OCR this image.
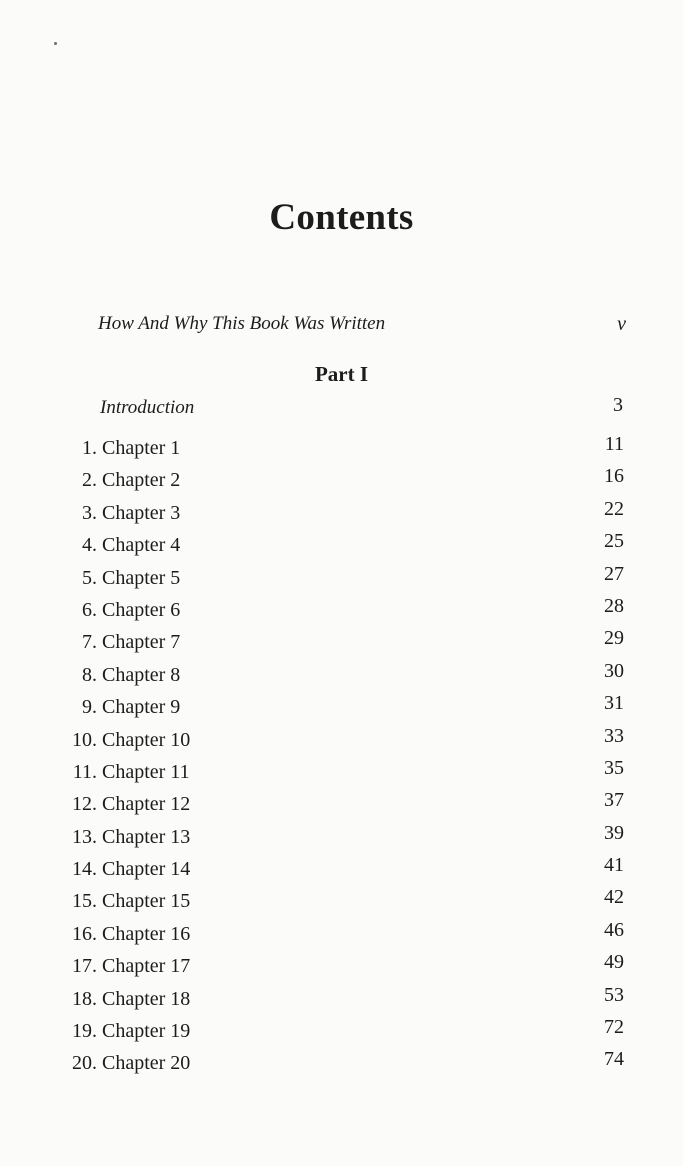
Contents
How And Why This Book Was Written	v
Part I
Introduction	3
1. Chapter 1	11
2. Chapter 2	16
3. Chapter 3	22
4. Chapter 4	25
5. Chapter 5	27
6. Chapter 6	28
7. Chapter 7	29
8. Chapter 8	30
9. Chapter 9	31
10. Chapter 10	33
11. Chapter 11	35
12. Chapter 12	37
13. Chapter 13	39
14. Chapter 14	41
15. Chapter 15	42
16. Chapter 16	46
17. Chapter 17	49
18. Chapter 18	53
19. Chapter 19	72
20. Chapter 20	74
